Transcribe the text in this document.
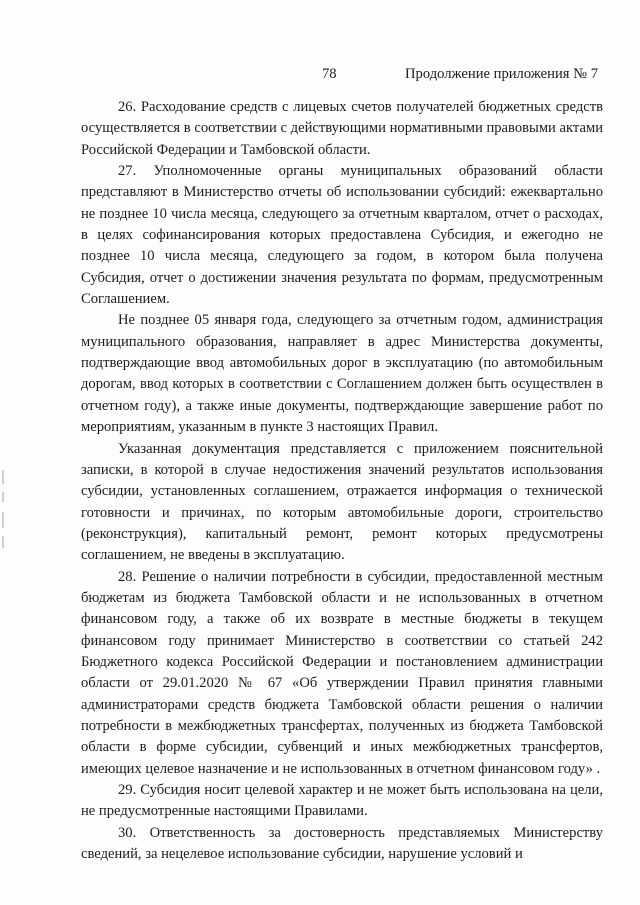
78	Продолжение приложения № 7

26. Расходование средств с лицевых счетов получателей бюджетных средств осуществляется в соответствии с действующими нормативными правовыми актами Российской Федерации и Тамбовской области.

27. Уполномоченные органы муниципальных образований области представляют в Министерство отчеты об использовании субсидий: ежеквартально не позднее 10 числа месяца, следующего за отчетным кварталом, отчет о расходах, в целях софинансирования которых предоставлена Субсидия, и ежегодно не позднее 10 числа месяца, следующего за годом, в котором была получена Субсидия, отчет о достижении значения результата по формам, предусмотренным Соглашением.

Не позднее 05 января года, следующего за отчетным годом, администрация муниципального образования, направляет в адрес Министерства документы, подтверждающие ввод автомобильных дорог в эксплуатацию (по автомобильным дорогам, ввод которых в соответствии с Соглашением должен быть осуществлен в отчетном году), а также иные документы, подтверждающие завершение работ по мероприятиям, указанным в пункте 3 настоящих Правил.

Указанная документация представляется с приложением пояснительной записки, в которой в случае недостижения значений результатов использования субсидии, установленных соглашением, отражается информация о технической готовности и причинах, по которым автомобильные дороги, строительство (реконструкция), капитальный ремонт, ремонт которых предусмотрены соглашением, не введены в эксплуатацию.

28. Решение о наличии потребности в субсидии, предоставленной местным бюджетам из бюджета Тамбовской области и не использованных в отчетном финансовом году, а также об их возврате в местные бюджеты в текущем финансовом году принимает Министерство в соответствии со статьей 242 Бюджетного кодекса Российской Федерации и постановлением администрации области от 29.01.2020 № 67 «Об утверждении Правил принятия главными администраторами средств бюджета Тамбовской области решения о наличии потребности в межбюджетных трансфертах, полученных из бюджета Тамбовской области в форме субсидии, субвенций и иных межбюджетных трансфертов, имеющих целевое назначение и не использованных в отчетном финансовом году» .

29. Субсидия носит целевой характер и не может быть использована на цели, не предусмотренные настоящими Правилами.

30. Ответственность за достоверность представляемых Министерству сведений, за нецелевое использование субсидии, нарушение условий и
